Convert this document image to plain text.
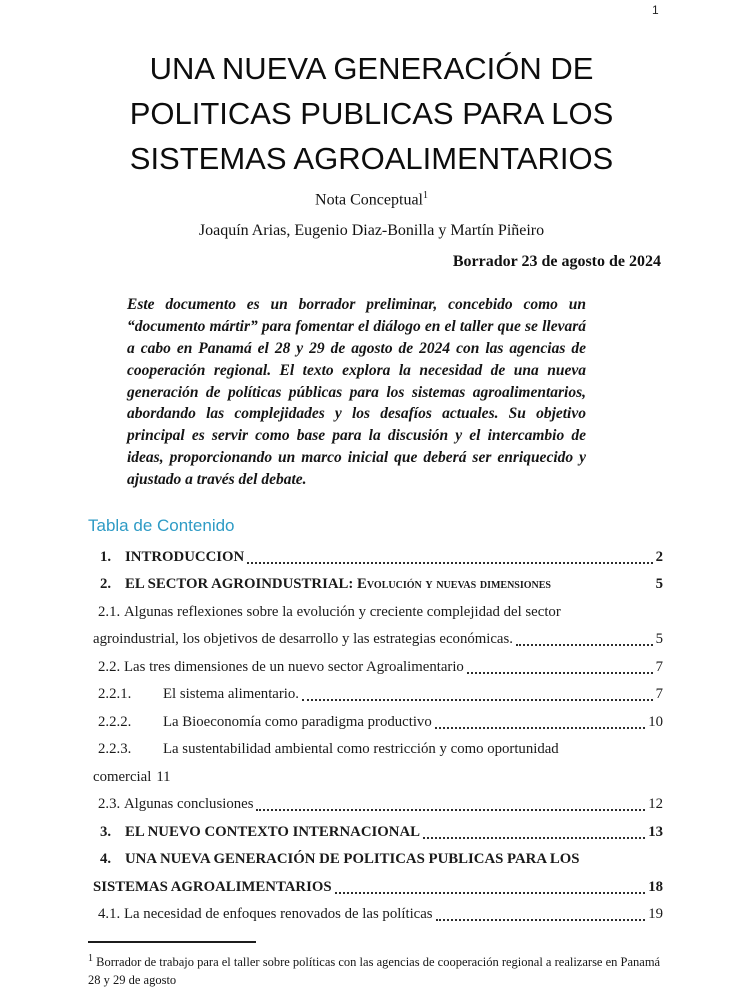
1
UNA NUEVA GENERACIÓN DE
POLITICAS PUBLICAS PARA LOS
SISTEMAS AGROALIMENTARIOS
Nota Conceptual$^1$
Joaquín Arias, Eugenio Diaz-Bonilla y Martín Piñeiro
Borrador 23 de agosto de 2024
Este documento es un borrador preliminar, concebido como un “documento mártir” para fomentar el diálogo en el taller que se llevará a cabo en Panamá el 28 y 29 de agosto de 2024 con las agencias de cooperación regional. El texto explora la necesidad de una nueva generación de políticas públicas para los sistemas agroalimentarios, abordando las complejidades y los desafíos actuales. Su objetivo principal es servir como base para la discusión y el intercambio de ideas, proporcionando un marco inicial que deberá ser enriquecido y ajustado a través del debate.
Tabla de Contenido
1. INTRODUCCION	2
2. EL SECTOR AGROINDUSTRIAL: Evolución y nuevas dimensiones	5
2.1. Algunas reflexiones sobre la evolución y creciente complejidad del sector
agroindustrial, los objetivos de desarrollo y las estrategias económicas.	5
2.2. Las tres dimensiones de un nuevo sector Agroalimentario	7
2.2.1.	El sistema alimentario.	7
2.2.2.	La Bioeconomía como paradigma productivo	10
2.2.3.	La sustentabilidad ambiental como restricción y como oportunidad
comercial 11
2.3. Algunas conclusiones	12
3. EL NUEVO CONTEXTO INTERNACIONAL	13
4. UNA NUEVA GENERACIÓN DE POLITICAS PUBLICAS PARA LOS
SISTEMAS AGROALIMENTARIOS	18
4.1. La necesidad de enfoques renovados de las políticas	19
$^1$ Borrador de trabajo para el taller sobre políticas con las agencias de cooperación regional a realizarse en Panamá 28 y 29 de agosto
